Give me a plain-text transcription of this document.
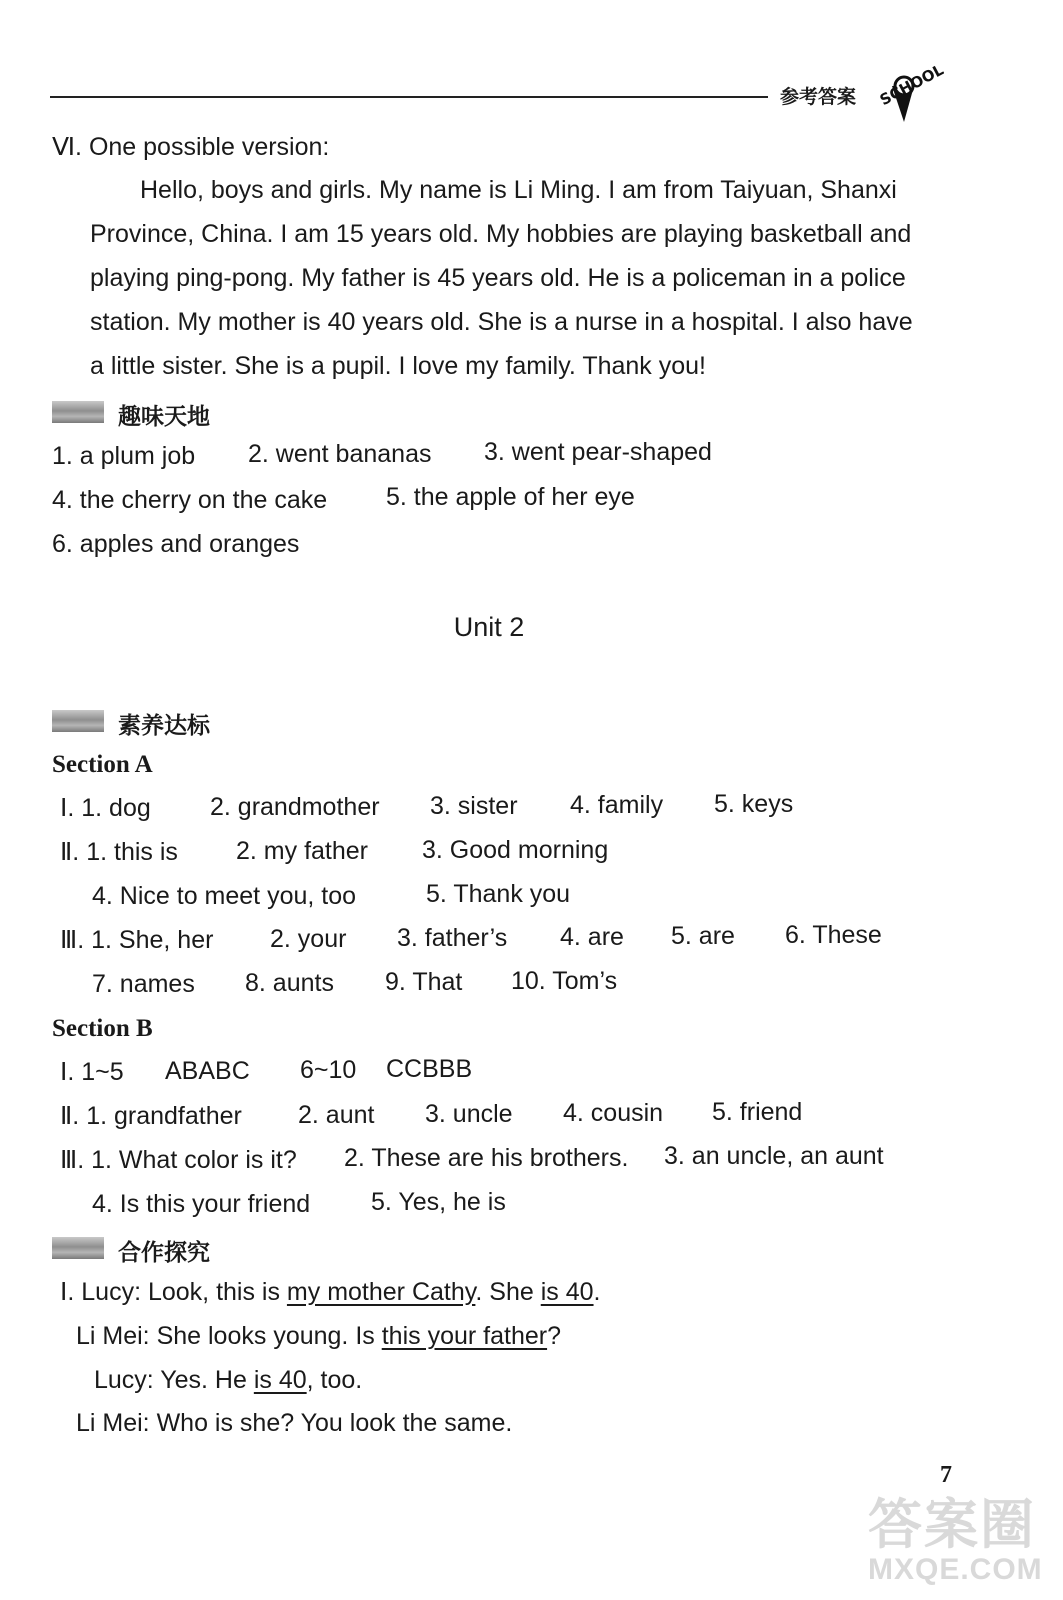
参考答案 SCHOOL
Ⅵ. One possible version:
Hello, boys and girls. My name is Li Ming. I am from Taiyuan, Shanxi
Province, China. I am 15 years old. My hobbies are playing basketball and
playing ping-pong. My father is 45 years old. He is a policeman in a police
station. My mother is 40 years old. She is a nurse in a hospital. I also have
a little sister. She is a pupil. I love my family. Thank you!
趣味天地
1. a plum job 2. went bananas 3. went pear-shaped
4. the cherry on the cake 5. the apple of her eye
6. apples and oranges
Unit 2
素养达标
Section A
Ⅰ. 1. dog 2. grandmother 3. sister 4. family 5. keys
Ⅱ. 1. this is 2. my father 3. Good morning
4. Nice to meet you, too	5. Thank you
Ⅲ. 1. She, her 2. your 3. father’s 4. are 5. are 6. These
7. names 8. aunts 9. That 10. Tom’s
Section B
Ⅰ. 1~5 ABABC 6~10 CCBBB
Ⅱ. 1. grandfather 2. aunt 3. uncle 4. cousin 5. friend
Ⅲ. 1. What color is it? 2. These are his brothers. 3. an uncle, an aunt
4. Is this your friend 5. Yes, he is
合作探究
Ⅰ. Lucy: Look, this is my mother Cathy. She is 40.
Li Mei: She looks young. Is this your father?
Lucy: Yes. He is 40, too.
Li Mei: Who is she? You look the same.
7
答案圈
MXQE.COM
